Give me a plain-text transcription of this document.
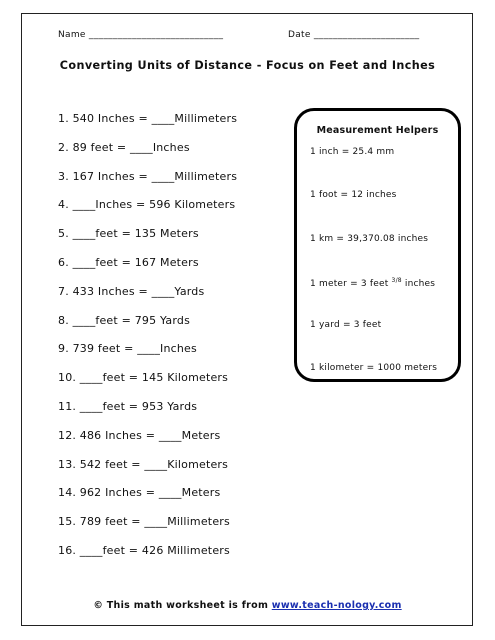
Name ____________________________	Date ______________________
Converting Units of Distance - Focus on Feet and Inches
1. 540 Inches = ____Millimeters
2. 89 feet = ____Inches
3. 167 Inches = ____Millimeters
4. ____Inches = 596 Kilometers
5. ____feet = 135 Meters
6. ____feet = 167 Meters
7. 433 Inches = ____Yards
8. ____feet = 795 Yards
9. 739 feet = ____Inches
10. ____feet = 145 Kilometers
11. ____feet = 953 Yards
12. 486 Inches = ____Meters
13. 542 feet = ____Kilometers
14. 962 Inches = ____Meters
15. 789 feet = ____Millimeters
16. ____feet = 426 Millimeters
Measurement Helpers
1 inch = 25.4 mm
1 foot = 12 inches
1 km = 39,370.08 inches
1 meter = 3 feet $^{3/8}$ inches
1 yard = 3 feet
1 kilometer = 1000 meters
© This math worksheet is from www.teach-nology.com
